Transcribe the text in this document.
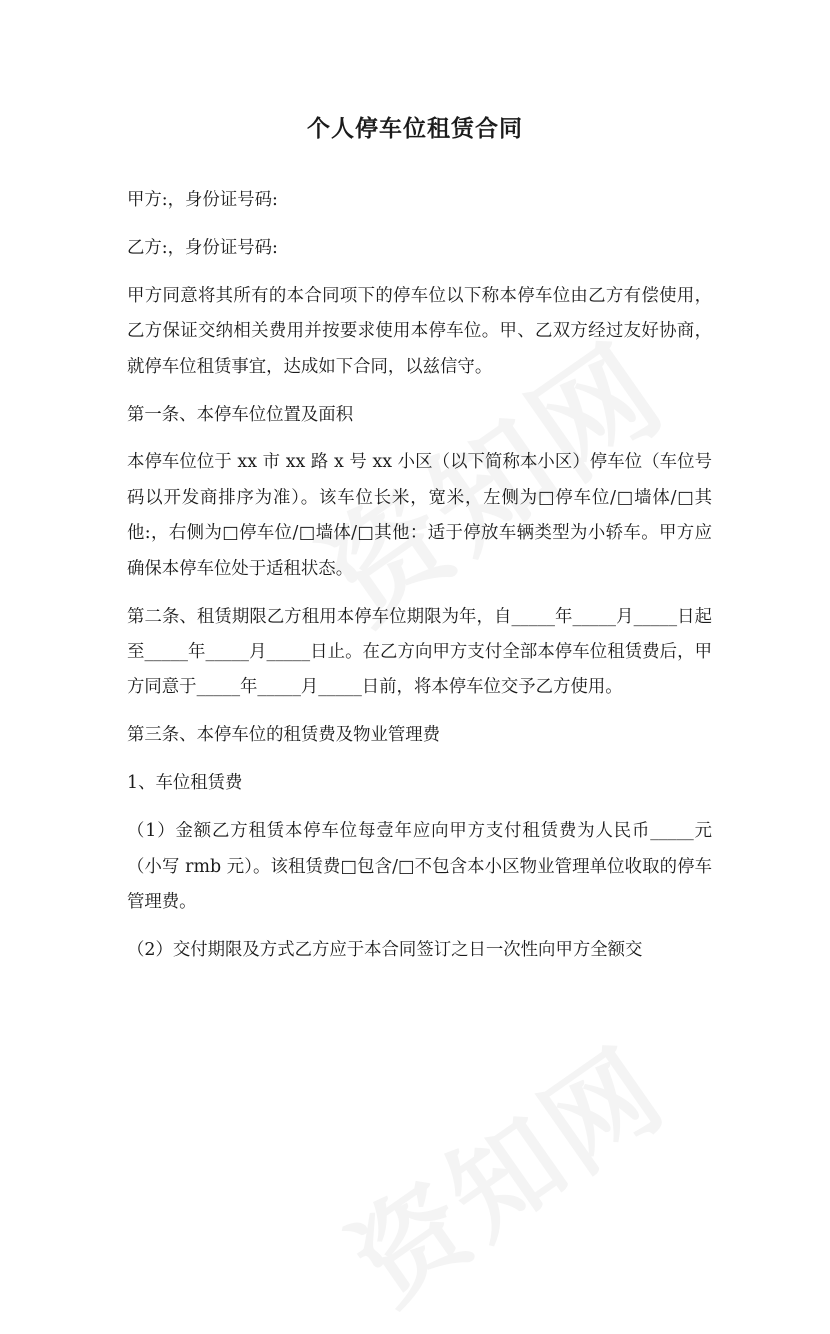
个人停车位租赁合同

甲方:，身份证号码:

乙方:，身份证号码:

甲方同意将其所有的本合同项下的停车位以下称本停车位由乙方有偿使用，乙方保证交纳相关费用并按要求使用本停车位。甲、乙双方经过友好协商，就停车位租赁事宜，达成如下合同，以兹信守。

第一条、本停车位位置及面积

本停车位位于 xx 市 xx 路 x 号 xx 小区（以下简称本小区）停车位（车位号码以开发商排序为准）。该车位长米，宽米，左侧为□停车位/□墙体/□其他:，右侧为□停车位/□墙体/□其他：适于停放车辆类型为小轿车。甲方应确保本停车位处于适租状态。

第二条、租赁期限乙方租用本停车位期限为年，自_____年_____月_____日起至_____年_____月_____日止。在乙方向甲方支付全部本停车位租赁费后，甲方同意于_____年_____月_____日前，将本停车位交予乙方使用。

第三条、本停车位的租赁费及物业管理费

1、车位租赁费

（1）金额乙方租赁本停车位每壹年应向甲方支付租赁费为人民币_____元（小写 rmb 元）。该租赁费□包含/□不包含本小区物业管理单位收取的停车管理费。

（2）交付期限及方式乙方应于本合同签订之日一次性向甲方全额交
